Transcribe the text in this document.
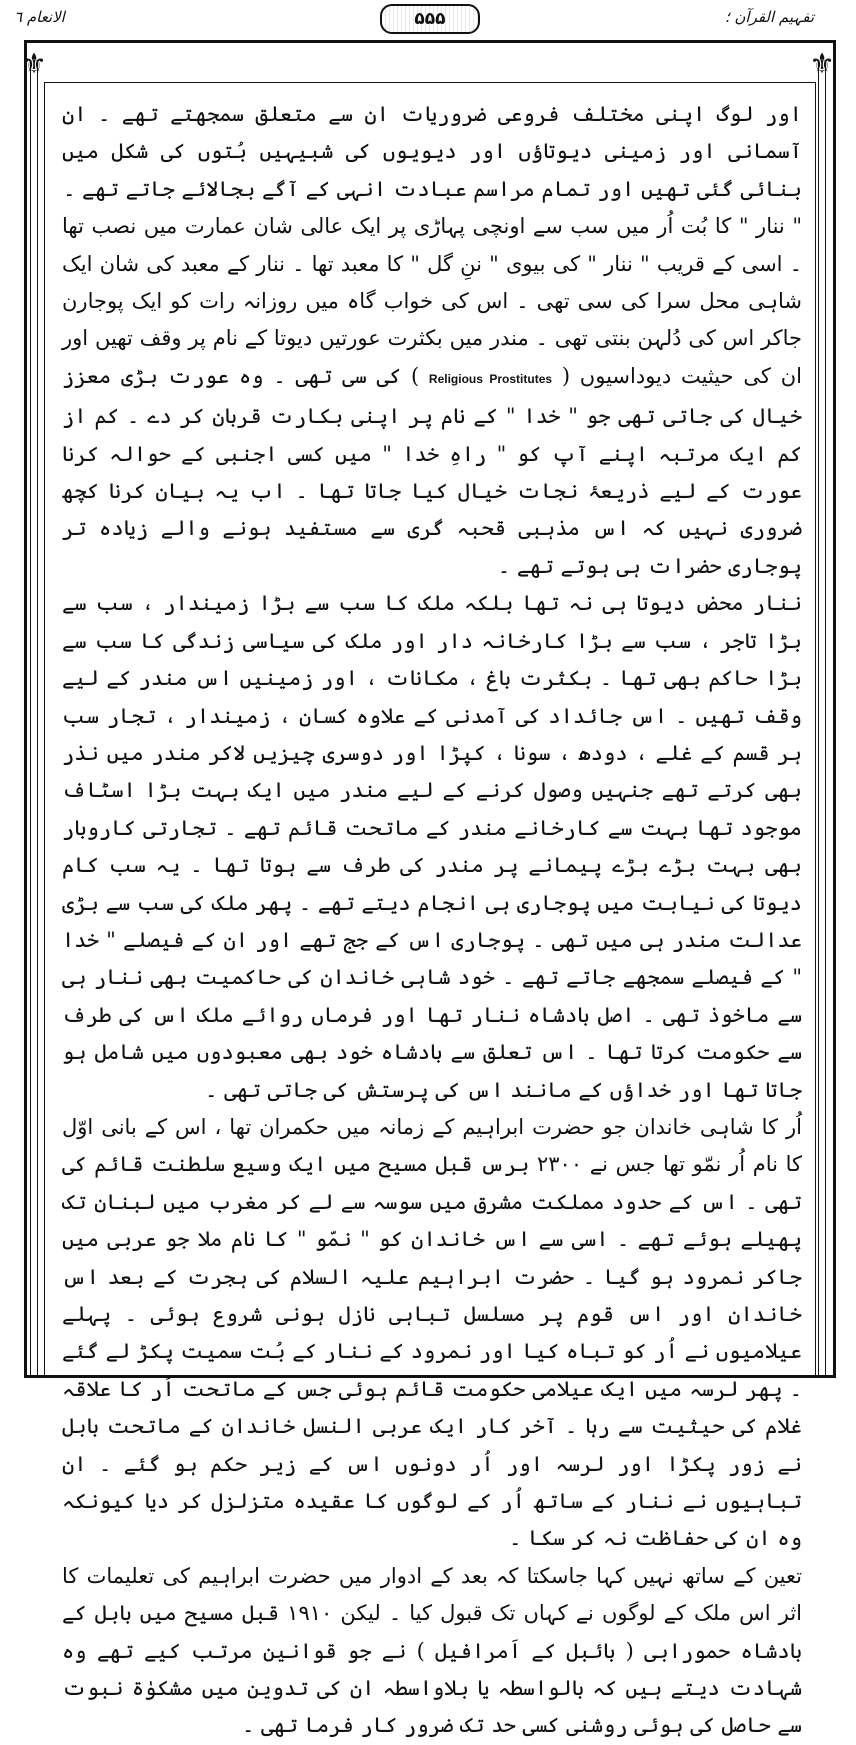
تفہیم القرآن ؛
۵۵۵
الانعام ٦
⚜	⚜

اور لوگ اپنی مختلف فروعی ضروریات ان سے متعلق سمجھتے تھے ۔ ان آسمانی اور زمینی دیوتاؤں اور دیویوں کی شبیہیں بُتوں کی شکل میں بنائی گئی تھیں اور تمام مراسم عبادت انہی کے آگے بجالائے جاتے تھے ۔

" ننار " کا بُت اُر میں سب سے اونچی پہاڑی پر ایک عالی شان عمارت میں نصب تھا ۔ اسی کے قریب " ننار " کی بیوی " ننِ گل " کا معبد تھا ۔ ننار کے معبد کی شان ایک شاہی محل سرا کی سی تھی ۔ اس کی خواب گاہ میں روزانہ رات کو ایک پوجارن جاکر اس کی دُلہن بنتی تھی ۔ مندر میں بکثرت عورتیں دیوتا کے نام پر وقف تھیں اور ان کی حیثیت دیوداسیوں ( Religious Prostitutes ) کی سی تھی ۔ وہ عورت بڑی معزز خیال کی جاتی تھی جو " خدا " کے نام پر اپنی بکارت قربان کر دے ۔ کم از کم ایک مرتبہ اپنے آپ کو " راہِ خدا " میں کسی اجنبی کے حوالہ کرنا عورت کے لیے ذریعۂ نجات خیال کیا جاتا تھا ۔ اب یہ بیان کرنا کچھ ضروری نہیں کہ اس مذہبی قحبہ گری سے مستفید ہونے والے زیادہ تر پوجاری حضرات ہی ہوتے تھے ۔

ننار محض دیوتا ہی نہ تھا بلکہ ملک کا سب سے بڑا زمیندار ، سب سے بڑا تاجر ، سب سے بڑا کارخانہ دار اور ملک کی سیاسی زندگی کا سب سے بڑا حاکم بھی تھا ۔ بکثرت باغ ، مکانات ، اور زمینیں اس مندر کے لیے وقف تھیں ۔ اس جائداد کی آمدنی کے علاوہ کسان ، زمیندار ، تجار سب ہر قسم کے غلے ، دودھ ، سونا ، کپڑا اور دوسری چیزیں لاکر مندر میں نذر بھی کرتے تھے جنہیں وصول کرنے کے لیے مندر میں ایک بہت بڑا اسٹاف موجود تھا بہت سے کارخانے مندر کے ماتحت قائم تھے ۔ تجارتی کاروبار بھی بہت بڑے بڑے پیمانے پر مندر کی طرف سے ہوتا تھا ۔ یہ سب کام دیوتا کی نیابت میں پوجاری ہی انجام دیتے تھے ۔ پھر ملک کی سب سے بڑی عدالت مندر ہی میں تھی ۔ پوجاری اس کے جج تھے اور ان کے فیصلے " خدا " کے فیصلے سمجھے جاتے تھے ۔ خود شاہی خاندان کی حاکمیت بھی ننار ہی سے ماخوذ تھی ۔ اصل بادشاہ ننار تھا اور فرماں روائے ملک اس کی طرف سے حکومت کرتا تھا ۔ اس تعلق سے بادشاہ خود بھی معبودوں میں شامل ہو جاتا تھا اور خداؤں کے مانند اس کی پرستش کی جاتی تھی ۔

اُر کا شاہی خاندان جو حضرت ابراہیم کے زمانہ میں حکمران تھا ، اس کے بانی اوّل کا نام اُر نمّو تھا جس نے ۲۳۰۰ برس قبل مسیح میں ایک وسیع سلطنت قائم کی تھی ۔ اس کے حدود مملکت مشرق میں سوسہ سے لے کر مغرب میں لبنان تک پھیلے ہوئے تھے ۔ اسی سے اس خاندان کو " نمّو " کا نام ملا جو عربی میں جاکر نمرود ہو گیا ۔ حضرت ابراہیم علیہ السلام کی ہجرت کے بعد اس خاندان اور اس قوم پر مسلسل تباہی نازل ہونی شروع ہوئی ۔ پہلے عیلامیوں نے اُر کو تباہ کیا اور نمرود کے ننار کے بُت سمیت پکڑ لے گئے ۔ پھر لرسہ میں ایک عیلامی حکومت قائم ہوئی جس کے ماتحت اُر کا علاقہ غلام کی حیثیت سے رہا ۔ آخر کار ایک عربی النسل خاندان کے ماتحت بابل نے زور پکڑا اور لرسہ اور اُر دونوں اس کے زیر حکم ہو گئے ۔ ان تباہیوں نے ننار کے ساتھ اُر کے لوگوں کا عقیدہ متزلزل کر دیا کیونکہ وہ ان کی حفاظت نہ کر سکا ۔

تعین کے ساتھ نہیں کہا جاسکتا کہ بعد کے ادوار میں حضرت ابراہیم کی تعلیمات کا اثر اس ملک کے لوگوں نے کہاں تک قبول کیا ۔ لیکن ۱۹۱۰ قبل مسیح میں بابل کے بادشاہ حمورابی ( بائبل کے اَمرافیل ) نے جو قوانین مرتب کیے تھے وہ شہادت دیتے ہیں کہ بالواسطہ یا بلاواسطہ ان کی تدوین میں مشکوٰۃ نبوت سے حاصل کی ہوئی روشنی کسی حد تک ضرور کار فرما تھی ۔
